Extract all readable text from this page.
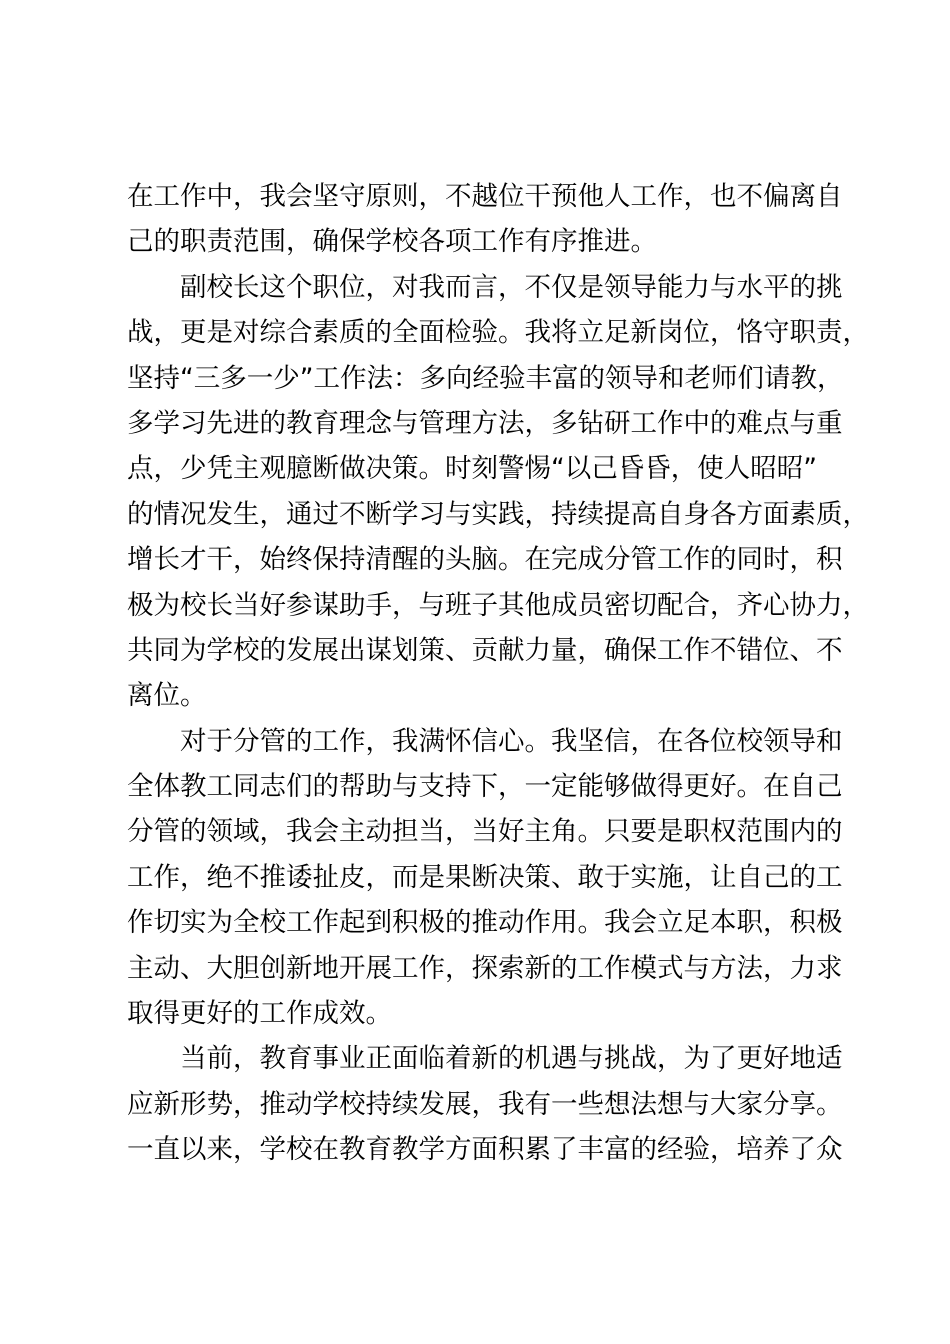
在工作中，我会坚守原则，不越位干预他人工作，也不偏离自
己的职责范围，确保学校各项工作有序推进。
　　副校长这个职位，对我而言，不仅是领导能力与水平的挑
战，更是对综合素质的全面检验。我将立足新岗位，恪守职责，
坚持“三多一少”工作法：多向经验丰富的领导和老师们请教，
多学习先进的教育理念与管理方法，多钻研工作中的难点与重
点，少凭主观臆断做决策。时刻警惕“以己昏昏，使人昭昭”
的情况发生，通过不断学习与实践，持续提高自身各方面素质，
增长才干，始终保持清醒的头脑。在完成分管工作的同时，积
极为校长当好参谋助手，与班子其他成员密切配合，齐心协力，
共同为学校的发展出谋划策、贡献力量，确保工作不错位、不
离位。
　　对于分管的工作，我满怀信心。我坚信，在各位校领导和
全体教工同志们的帮助与支持下，一定能够做得更好。在自己
分管的领域，我会主动担当，当好主角。只要是职权范围内的
工作，绝不推诿扯皮，而是果断决策、敢于实施，让自己的工
作切实为全校工作起到积极的推动作用。我会立足本职，积极
主动、大胆创新地开展工作，探索新的工作模式与方法，力求
取得更好的工作成效。
　　当前，教育事业正面临着新的机遇与挑战，为了更好地适
应新形势，推动学校持续发展，我有一些想法想与大家分享。
一直以来，学校在教育教学方面积累了丰富的经验，培养了众
